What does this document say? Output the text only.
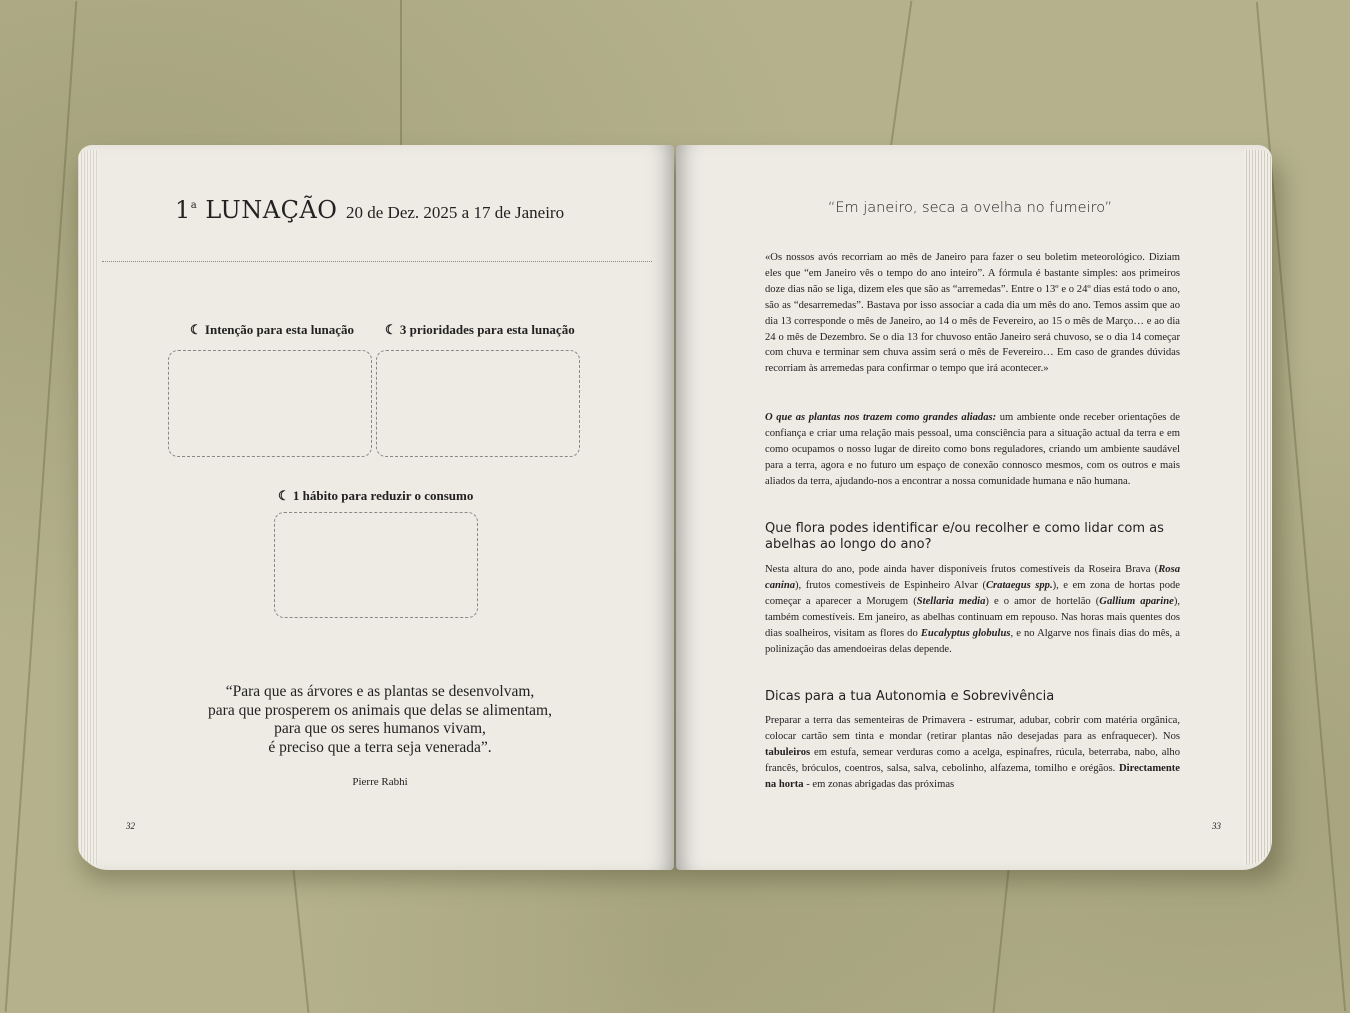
1$^a$ LUNAÇÃO 20 de Dez. 2025 a 17 de Janeiro
☾ Intenção para esta lunação ☾ 3 prioridades para esta lunação
☾ 1 hábito para reduzir o consumo
“Para que as árvores e as plantas se desenvolvam,
para que prosperem os animais que delas se alimentam,
para que os seres humanos vivam,
é preciso que a terra seja venerada”.
Pierre Rabhi
32
“Em janeiro, seca a ovelha no fumeiro”
«Os nossos avós recorriam ao mês de Janeiro para fazer o seu boletim meteorológico. Diziam eles que “em Janeiro vês o tempo do ano inteiro”. A fórmula é bastante simples: aos primeiros doze dias não se liga, dizem eles que são as “arremedas”. Entre o 13º e o 24º dias está todo o ano, são as “desarremedas”. Bastava por isso associar a cada dia um mês do ano. Temos assim que ao dia 13 corresponde o mês de Janeiro, ao 14 o mês de Fevereiro, ao 15 o mês de Março… e ao dia 24 o mês de Dezembro. Se o dia 13 for chuvoso então Janeiro será chuvoso, se o dia 14 começar com chuva e terminar sem chuva assim será o mês de Fevereiro… Em caso de grandes dúvidas recorriam às arremedas para confirmar o tempo que irá acontecer.»
O que as plantas nos trazem como grandes aliadas: um ambiente onde receber orientações de confiança e criar uma relação mais pessoal, uma consciência para a situação actual da terra e em como ocupamos o nosso lugar de direito como bons reguladores, criando um ambiente saudável para a terra, agora e no futuro um espaço de conexão connosco mesmos, com os outros e mais aliados da terra, ajudando-nos a encontrar a nossa comunidade humana e não humana.
Que flora podes identificar e/ou recolher e como lidar com as abelhas ao longo do ano?
Nesta altura do ano, pode ainda haver disponíveis frutos comestíveis da Roseira Brava (Rosa canina), frutos comestíveis de Espinheiro Alvar (Crataegus spp.), e em zona de hortas pode começar a aparecer a Morugem (Stellaria media) e o amor de hortelão (Gallium aparine), também comestíveis. Em janeiro, as abelhas continuam em repouso. Nas horas mais quentes dos dias soalheiros, visitam as flores do Eucalyptus globulus, e no Algarve nos finais dias do mês, a polinização das amendoeiras delas depende.
Dicas para a tua Autonomia e Sobrevivência
Preparar a terra das sementeiras de Primavera - estrumar, adubar, cobrir com matéria orgânica, colocar cartão sem tinta e mondar (retirar plantas não desejadas para as enfraquecer). Nos tabuleiros em estufa, semear verduras como a acelga, espinafres, rúcula, beterraba, nabo, alho francês, bróculos, coentros, salsa, salva, cebolinho, alfazema, tomilho e orégãos. Directamente na horta - em zonas abrigadas das próximas
33
